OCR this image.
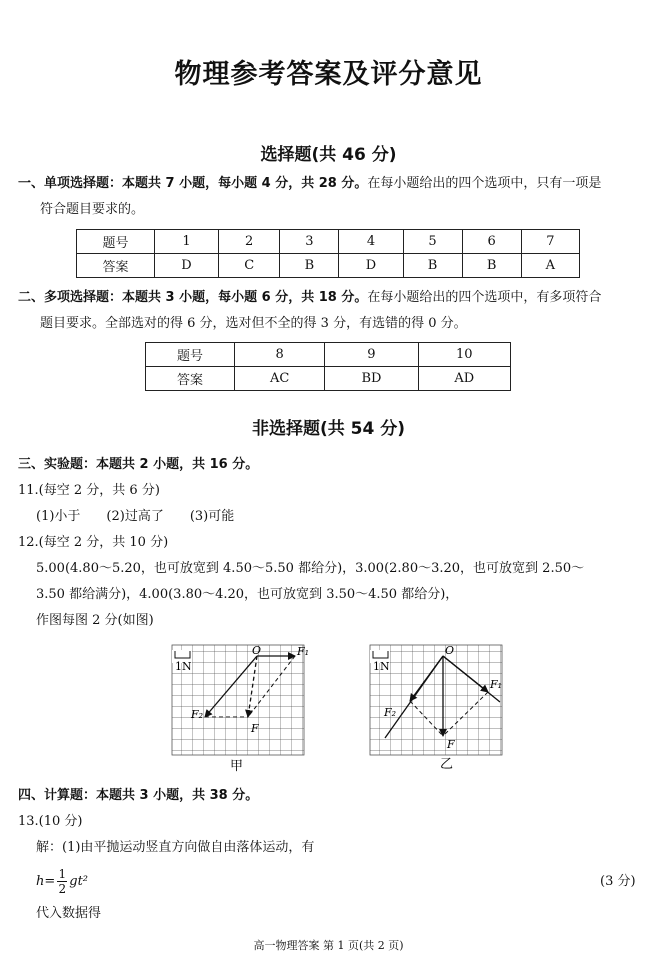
物理参考答案及评分意见
选择题(共 46 分)
一、单项选择题：本题共 7 小题，每小题 4 分，共 28 分。在每小题给出的四个选项中，只有一项是
符合题目要求的。
题号	1	2	3	4	5	6	7
答案	D	C	B	D	B	B	A
二、多项选择题：本题共 3 小题，每小题 6 分，共 18 分。在每小题给出的四个选项中，有多项符合
题目要求。全部选对的得 6 分，选对但不全的得 3 分，有选错的得 0 分。
题号	8	9	10
答案	AC	BD	AD
非选择题(共 54 分)
三、实验题：本题共 2 小题，共 16 分。
11.(每空 2 分，共 6 分)
(1)小于　　(2)过高了　　(3)可能
12.(每空 2 分，共 10 分)
5.00(4.80～5.20，也可放宽到 4.50～5.50 都给分)，3.00(2.80～3.20，也可放宽到 2.50～
3.50 都给满分)，4.00(3.80～4.20，也可放宽到 3.50～4.50 都给分)，
作图每图 2 分(如图)
1N
O	F₁
F₂
F
甲
1N
O
F₁
F₂
F
乙
四、计算题：本题共 3 小题，共 38 分。
13.(10 分)
解：(1)由平抛运动竖直方向做自由落体运动，有
h= 1
2 gt²	(3 分)
代入数据得
高一物理答案 第 1 页(共 2 页)
